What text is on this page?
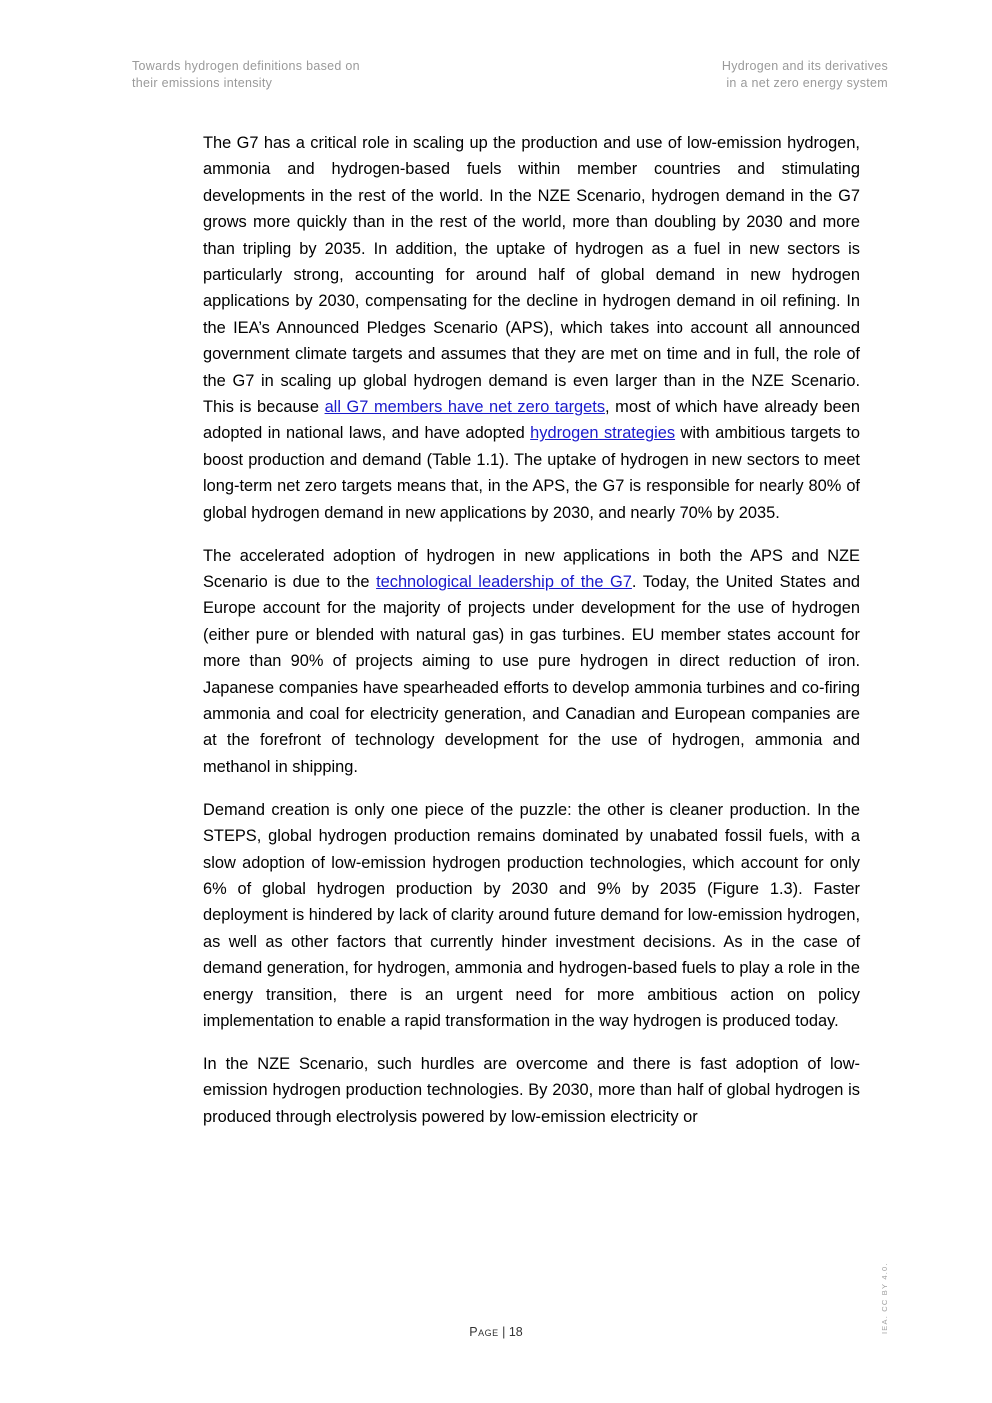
Towards hydrogen definitions based on
their emissions intensity
Hydrogen and its derivatives
in a net zero energy system

The G7 has a critical role in scaling up the production and use of low-emission hydrogen, ammonia and hydrogen-based fuels within member countries and stimulating developments in the rest of the world. In the NZE Scenario, hydrogen demand in the G7 grows more quickly than in the rest of the world, more than doubling by 2030 and more than tripling by 2035. In addition, the uptake of hydrogen as a fuel in new sectors is particularly strong, accounting for around half of global demand in new hydrogen applications by 2030, compensating for the decline in hydrogen demand in oil refining. In the IEA’s Announced Pledges Scenario (APS), which takes into account all announced government climate targets and assumes that they are met on time and in full, the role of the G7 in scaling up global hydrogen demand is even larger than in the NZE Scenario. This is because all G7 members have net zero targets, most of which have already been adopted in national laws, and have adopted hydrogen strategies with ambitious targets to boost production and demand (Table 1.1). The uptake of hydrogen in new sectors to meet long-term net zero targets means that, in the APS, the G7 is responsible for nearly 80% of global hydrogen demand in new applications by 2030, and nearly 70% by 2035.

The accelerated adoption of hydrogen in new applications in both the APS and NZE Scenario is due to the technological leadership of the G7. Today, the United States and Europe account for the majority of projects under development for the use of hydrogen (either pure or blended with natural gas) in gas turbines. EU member states account for more than 90% of projects aiming to use pure hydrogen in direct reduction of iron. Japanese companies have spearheaded efforts to develop ammonia turbines and co-firing ammonia and coal for electricity generation, and Canadian and European companies are at the forefront of technology development for the use of hydrogen, ammonia and methanol in shipping.

Demand creation is only one piece of the puzzle: the other is cleaner production. In the STEPS, global hydrogen production remains dominated by unabated fossil fuels, with a slow adoption of low-emission hydrogen production technologies, which account for only 6% of global hydrogen production by 2030 and 9% by 2035 (Figure 1.3). Faster deployment is hindered by lack of clarity around future demand for low-emission hydrogen, as well as other factors that currently hinder investment decisions. As in the case of demand generation, for hydrogen, ammonia and hydrogen-based fuels to play a role in the energy transition, there is an urgent need for more ambitious action on policy implementation to enable a rapid transformation in the way hydrogen is produced today.

In the NZE Scenario, such hurdles are overcome and there is fast adoption of low-emission hydrogen production technologies. By 2030, more than half of global hydrogen is produced through electrolysis powered by low-emission electricity or

Page | 18	IEA. CC BY 4.0.
